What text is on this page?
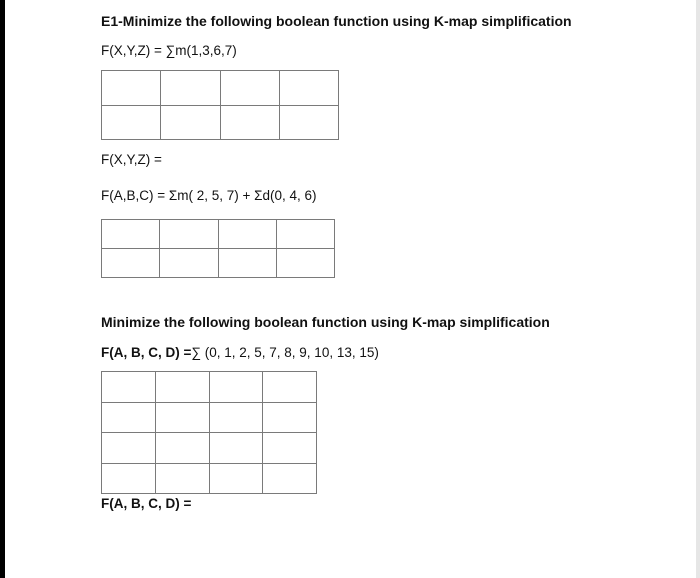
E1-Minimize the following boolean function using K-map simplification
F(X,Y,Z) = ∑m(1,3,6,7)

F(X,Y,Z) =
F(A,B,C) = Σm( 2, 5, 7) + Σd(0, 4, 6)

Minimize the following boolean function using K-map simplification
F(A, B, C, D) =∑ (0, 1, 2, 5, 7, 8, 9, 10, 13, 15)

F(A, B, C, D) =
